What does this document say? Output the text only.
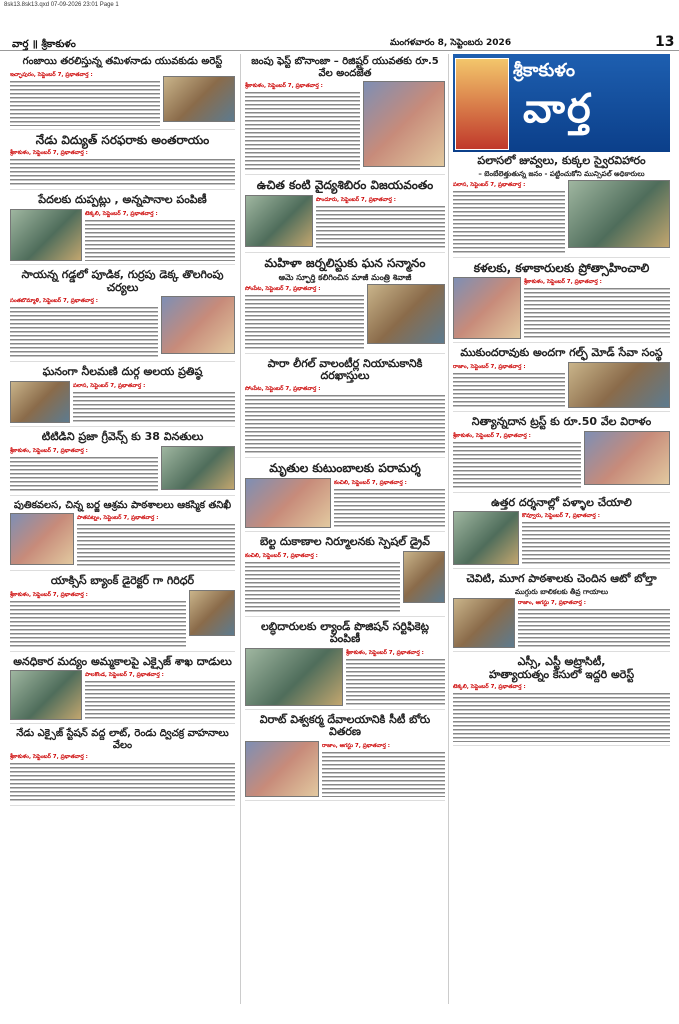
8sk13.8sk13.qxd 07-09-2026 23:01 Page 1
వార్త ॥ శ్రీకాకుళం	మంగళవారం 8, సెప్టెంబరు 2026	13
గంజాయి తరలిస్తున్న తమిళనాడు యువకుడు అరెస్ట్
ఇచ్ఛాపురం, సెప్టెంబర్ 7, ప్రభాతవార్త :
నేడు విద్యుత్ సరఫరాకు అంతరాయం
శ్రీకాకుళం, సెప్టెంబర్ 7, ప్రభాతవార్త :
పేదలకు దుప్పట్లు , అన్నపానాల పంపిణీ
టెక్కలి, సెప్టెంబర్ 7, ప్రభాతవార్త :
సాయన్న గడ్డలో పూడిక, గుర్రపు డెక్క తొలగింపు చర్యలు
సంతబొమ్మాళి, సెప్టెంబర్ 7, ప్రభాతవార్త :
ఘనంగా నీలమణి దుర్గ అలయ ప్రతిష్ఠ
పలాస, సెప్టెంబర్ 7, ప్రభాతవార్త :
టిటిడిని ప్రజా గ్రీవెన్స్ కు 38 వినతులు
శ్రీకాకుళం, సెప్టెంబర్ 7, ప్రభాతవార్త :
పుతికవలస, చిన్న బర్జ ఆశ్రమ పాఠశాలలు ఆకస్మిక తనిఖీ
పాతపట్నం, సెప్టెంబర్ 7, ప్రభాతవార్త :
యాక్సిస్ బ్యాంక్ డైరెక్టర్ గా గిరిధర్
శ్రీకాకుళం, సెప్టెంబర్ 7, ప్రభాతవార్త :
అనధికార మద్యం అమ్మకాలపై ఎక్సైజ్ శాఖ దాడులు
పాలకొండ, సెప్టెంబర్ 7, ప్రభాతవార్త :
నేడు ఎక్సైజ్ స్టేషన్ వద్ద లాట్, రెండు ద్విచక్ర వాహనాలు వేలం
శ్రీకాకుళం, సెప్టెంబర్ 7, ప్రభాతవార్త :
జంపు ఫెస్ట్ బొనాంజా – రిజిష్టర్ యువతకు రూ.5 వేల అందజేత
శ్రీకాకుళం, సెప్టెంబర్ 7, ప్రభాతవార్త :
ఉచిత కంటి వైద్యశిబిరం విజయవంతం
పొందూరు, సెప్టెంబర్ 7, ప్రభాతవార్త :
మహిళా జర్నలిస్టుకు ఘన సన్మానం
ఆమె స్ఫూర్తి కలిగించిన మాజీ మంత్రి శివాజీ
సోంపేట, సెప్టెంబర్ 7, ప్రభాతవార్త :
పారా లీగల్ వాలంటీర్ల నియామకానికి దరఖాస్తులు
సోంపేట, సెప్టెంబర్ 7, ప్రభాతవార్త :
మృతుల కుటుంబాలకు పరామర్శ
కంచిలి, సెప్టెంబర్ 7, ప్రభాతవార్త :
బెల్ట దుకాణాల నిర్మూలనకు స్పెషల్ డ్రైవ్
కంచిలి, సెప్టెంబర్ 7, ప్రభాతవార్త :
లబ్ధిదారులకు ల్యాండ్ పొజిషన్ సర్టిఫికెట్ల పంపిణీ
శ్రీకాకుళం, సెప్టెంబర్ 7, ప్రభాతవార్త :
విరాట్ విశ్వకర్మ దేవాలయానికి సీటీ బోరు వితరణ
రాజాం, ఆగస్టు 7, ప్రభాతవార్త :
శ్రీకాకుళం
వార్త
పలాసలో జువ్వలు, కుక్కల స్వైరవిహారం
– బెంబేలెత్తుతున్న జనం - పట్టించుకోని మున్సిపల్ అధికారులు
పలాస, సెప్టెంబర్ 7, ప్రభాతవార్త :
కళలకు, కళాకారులకు ప్రోత్సాహించాలి
శ్రీకాకుళం, సెప్టెంబర్ 7, ప్రభాతవార్త :
ముకుందరావుకు అందగా గల్ఫ్ మోడ్ సేవా సంస్థ
రాజాం, సెప్టెంబర్ 7, ప్రభాతవార్త :
నిత్యాన్నదాన ట్రస్ట్ కు రూ.50 వేల విరాళం
శ్రీకాకుళం, సెప్టెంబర్ 7, ప్రభాతవార్త :
ఉత్తర దర్శనాల్లో పళ్ళాల చేయాలి
కొవ్వూరు, సెప్టెంబర్ 7, ప్రభాతవార్త :
చెవిటి, మూగ పాఠశాలకు చెందిన ఆటో బోల్తా
ముగ్గురు బాలికలకు తీవ్ర గాయాలు
రాజాం, ఆగస్టు 7, ప్రభాతవార్త :
ఎస్సీ, ఎస్టీ అట్రాసిటీ,
హత్యాయత్నం కేసులో ఇద్దరి అరెస్ట్
టెక్కలి, సెప్టెంబర్ 7, ప్రభాతవార్త :
